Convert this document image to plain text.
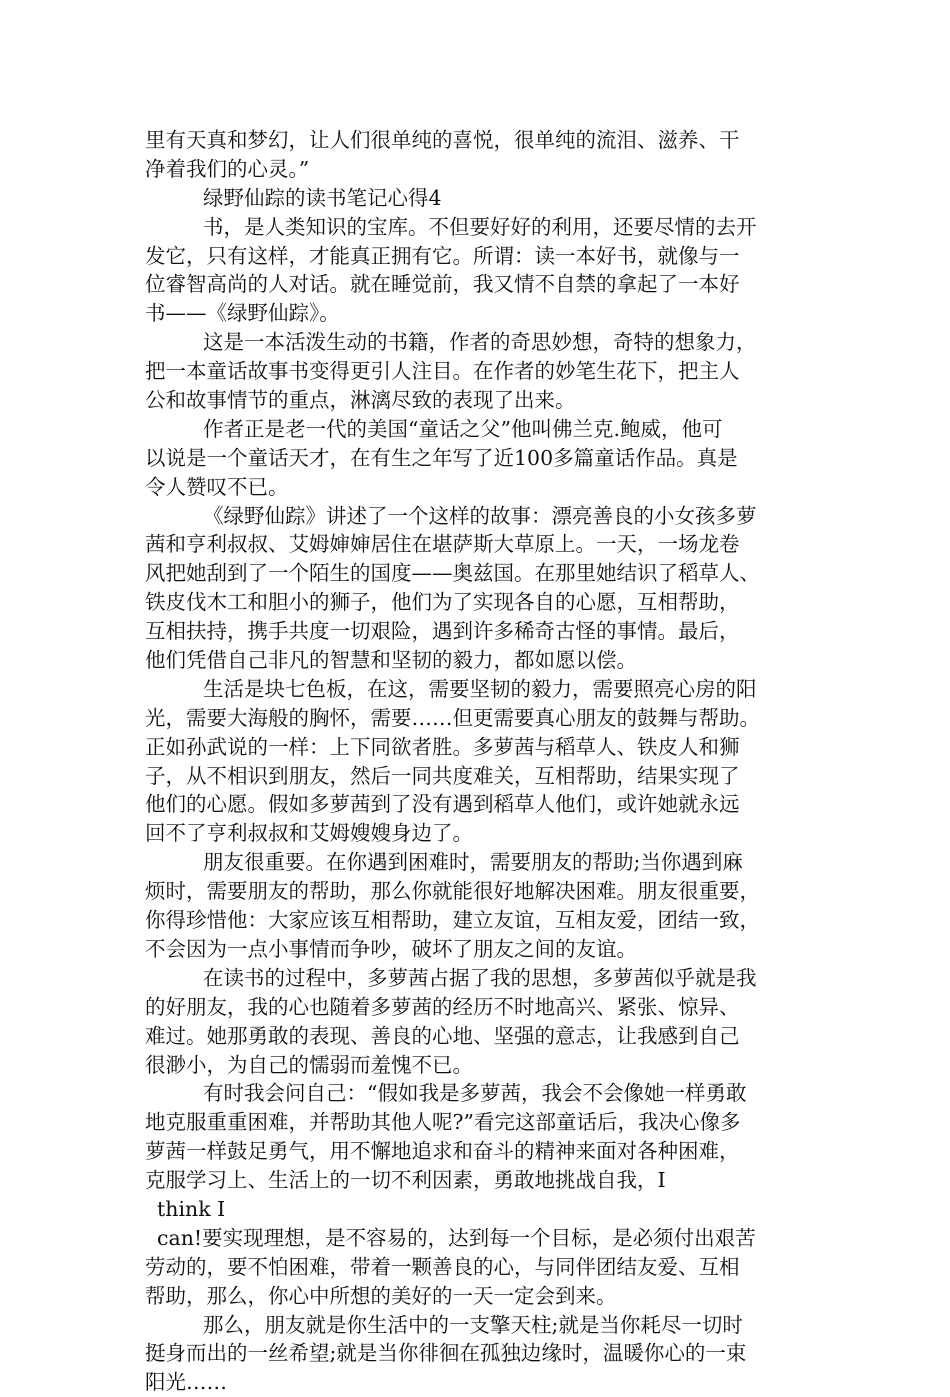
里有天真和梦幻，让人们很单纯的喜悦，很单纯的流泪、滋养、干
净着我们的心灵。”
绿野仙踪的读书笔记心得4
书，是人类知识的宝库。不但要好好的利用，还要尽情的去开
发它，只有这样，才能真正拥有它。所谓：读一本好书，就像与一
位睿智高尚的人对话。就在睡觉前，我又情不自禁的拿起了一本好
书——《绿野仙踪》。
这是一本活泼生动的书籍，作者的奇思妙想，奇特的想象力，
把一本童话故事书变得更引人注目。在作者的妙笔生花下，把主人
公和故事情节的重点，淋漓尽致的表现了出来。
作者正是老一代的美国“童话之父”他叫佛兰克.鲍威，他可
以说是一个童话天才，在有生之年写了近100多篇童话作品。真是
令人赞叹不已。
《绿野仙踪》讲述了一个这样的故事：漂亮善良的小女孩多萝
茜和亨利叔叔、艾姆婶婶居住在堪萨斯大草原上。一天，一场龙卷
风把她刮到了一个陌生的国度——奥兹国。在那里她结识了稻草人、
铁皮伐木工和胆小的狮子，他们为了实现各自的心愿，互相帮助，
互相扶持，携手共度一切艰险，遇到许多稀奇古怪的事情。最后，
他们凭借自己非凡的智慧和坚韧的毅力，都如愿以偿。
生活是块七色板，在这，需要坚韧的毅力，需要照亮心房的阳
光，需要大海般的胸怀，需要……但更需要真心朋友的鼓舞与帮助。
正如孙武说的一样：上下同欲者胜。多萝茜与稻草人、铁皮人和狮
子，从不相识到朋友，然后一同共度难关，互相帮助，结果实现了
他们的心愿。假如多萝茜到了没有遇到稻草人他们，或许她就永远
回不了亨利叔叔和艾姆嫂嫂身边了。
朋友很重要。在你遇到困难时，需要朋友的帮助;当你遇到麻
烦时，需要朋友的帮助，那么你就能很好地解决困难。朋友很重要，
你得珍惜他：大家应该互相帮助，建立友谊，互相友爱，团结一致，
不会因为一点小事情而争吵，破坏了朋友之间的友谊。
在读书的过程中，多萝茜占据了我的思想，多萝茜似乎就是我
的好朋友，我的心也随着多萝茜的经历不时地高兴、紧张、惊异、
难过。她那勇敢的表现、善良的心地、坚强的意志，让我感到自己
很渺小，为自己的懦弱而羞愧不已。
有时我会问自己：“假如我是多萝茜，我会不会像她一样勇敢
地克服重重困难，并帮助其他人呢?”看完这部童话后，我决心像多
萝茜一样鼓足勇气，用不懈地追求和奋斗的精神来面对各种困难，
克服学习上、生活上的一切不利因素，勇敢地挑战自我，I
think I
can!要实现理想，是不容易的，达到每一个目标，是必须付出艰苦
劳动的，要不怕困难，带着一颗善良的心，与同伴团结友爱、互相
帮助，那么，你心中所想的美好的一天一定会到来。
那么，朋友就是你生活中的一支擎天柱;就是当你耗尽一切时
挺身而出的一丝希望;就是当你徘徊在孤独边缘时，温暖你心的一束
阳光……
